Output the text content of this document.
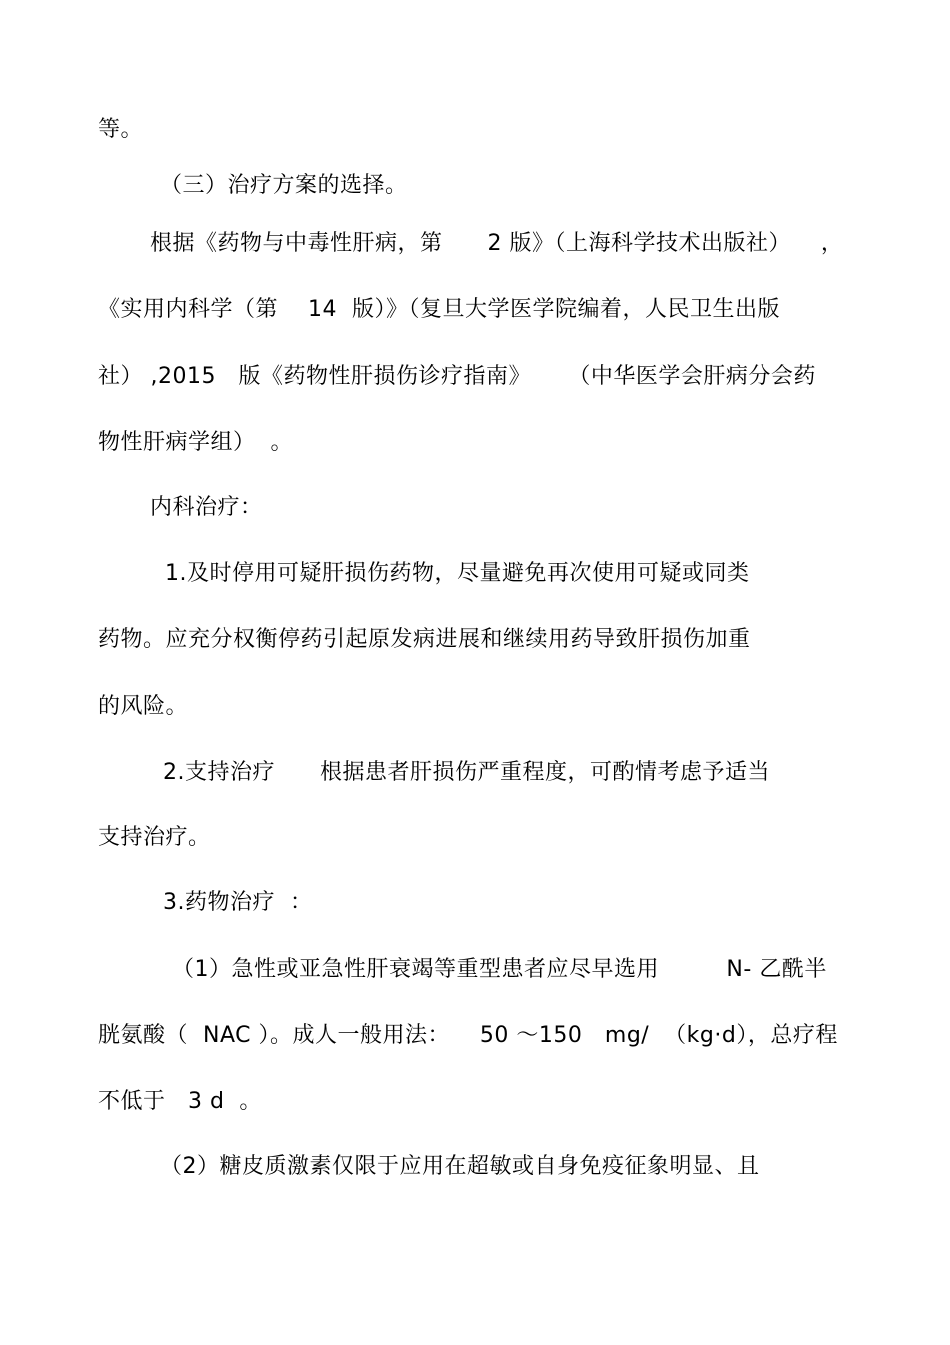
等。
（三）治疗方案的选择。
根据《药物与中毒性肝病，第      2 版》（上海科学技术出版社）    ，
《实用内科学（第    14  版）》（复旦大学医学院编着，人民卫生出版
社） ,2015   版《药物性肝损伤诊疗指南》     （中华医学会肝病分会药
物性肝病学组）  。
内科治疗：
1.及时停用可疑肝损伤药物，尽量避免再次使用可疑或同类
药物。应充分权衡停药引起原发病进展和继续用药导致肝损伤加重
的风险。
2.支持治疗      根据患者肝损伤严重程度，可酌情考虑予适当
支持治疗。
3.药物治疗  ：
（1）急性或亚急性肝衰竭等重型患者应尽早选用         N- 乙酰半
胱氨酸（  NAC ）。成人一般用法：    50 ～150   mg/  （kg·d），总疗程
不低于   3 d  。
（2）糖皮质激素仅限于应用在超敏或自身免疫征象明显、且
